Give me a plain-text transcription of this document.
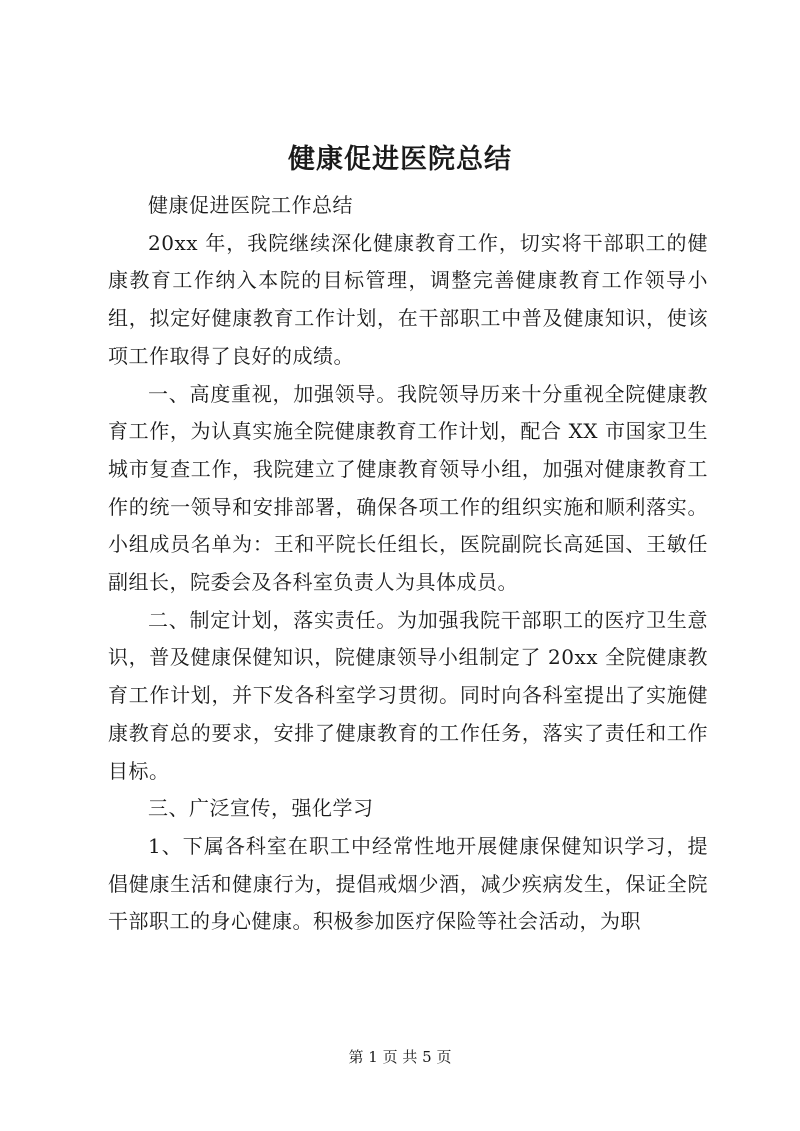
健康促进医院总结

健康促进医院工作总结

20xx 年，我院继续深化健康教育工作，切实将干部职工的健康教育工作纳入本院的目标管理，调整完善健康教育工作领导小组，拟定好健康教育工作计划，在干部职工中普及健康知识，使该项工作取得了良好的成绩。

一、高度重视，加强领导。我院领导历来十分重视全院健康教育工作，为认真实施全院健康教育工作计划，配合 XX 市国家卫生城市复查工作，我院建立了健康教育领导小组，加强对健康教育工作的统一领导和安排部署，确保各项工作的组织实施和顺利落实。小组成员名单为：王和平院长任组长，医院副院长高延国、王敏任副组长，院委会及各科室负责人为具体成员。

二、制定计划，落实责任。为加强我院干部职工的医疗卫生意识，普及健康保健知识，院健康领导小组制定了 20xx 全院健康教育工作计划，并下发各科室学习贯彻。同时向各科室提出了实施健康教育总的要求，安排了健康教育的工作任务，落实了责任和工作目标。

三、广泛宣传，强化学习

1、下属各科室在职工中经常性地开展健康保健知识学习，提倡健康生活和健康行为，提倡戒烟少酒，减少疾病发生，保证全院干部职工的身心健康。积极参加医疗保险等社会活动，为职

第 1 页 共 5 页
